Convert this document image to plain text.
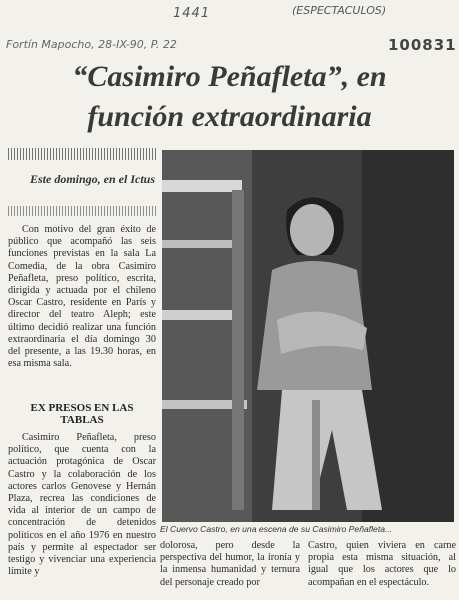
1441	(ESPECTACULOS)
Fortín Mapocho, 28-IX-90, P. 22	100831
“Casimiro Peñafleta”, en
función extraordinaria
Este domingo, en el Ictus
Con motivo del gran éxito de público que acompañó las seis funciones previstas en la sala La Comedia, de la obra Casimiro Peñafleta, preso político, escrita, dirigida y actuada por el chileno Oscar Castro, residente en París y director del teatro Aleph; este último decidió realizar una función extraordinaria el día domingo 30 del presente, a las 19.30 horas, en esa misma sala.
EX PRESOS EN LAS TABLAS
Casimiro Peñafleta, preso político, que cuenta con la actuación protagónica de Oscar Castro y la colaboración de los actores carlos Genovese y Hernán Plaza, recrea las condiciones de vida al interior de un campo de concentración de detenidos políticos en el año 1976 en nuestro país y permite al espectador ser testigo y vivenciar una experiencia límite y
El Cuervo Castro, en una escena de su Casimiro Peñafleta...
dolorosa, pero desde la perspectiva del humor, la ironía y la inmensa humanidad y ternura del personaje creado por
Castro, quien viviera en carne propia esta misma situación, al igual que los actores que lo acompañan en el espectáculo.
